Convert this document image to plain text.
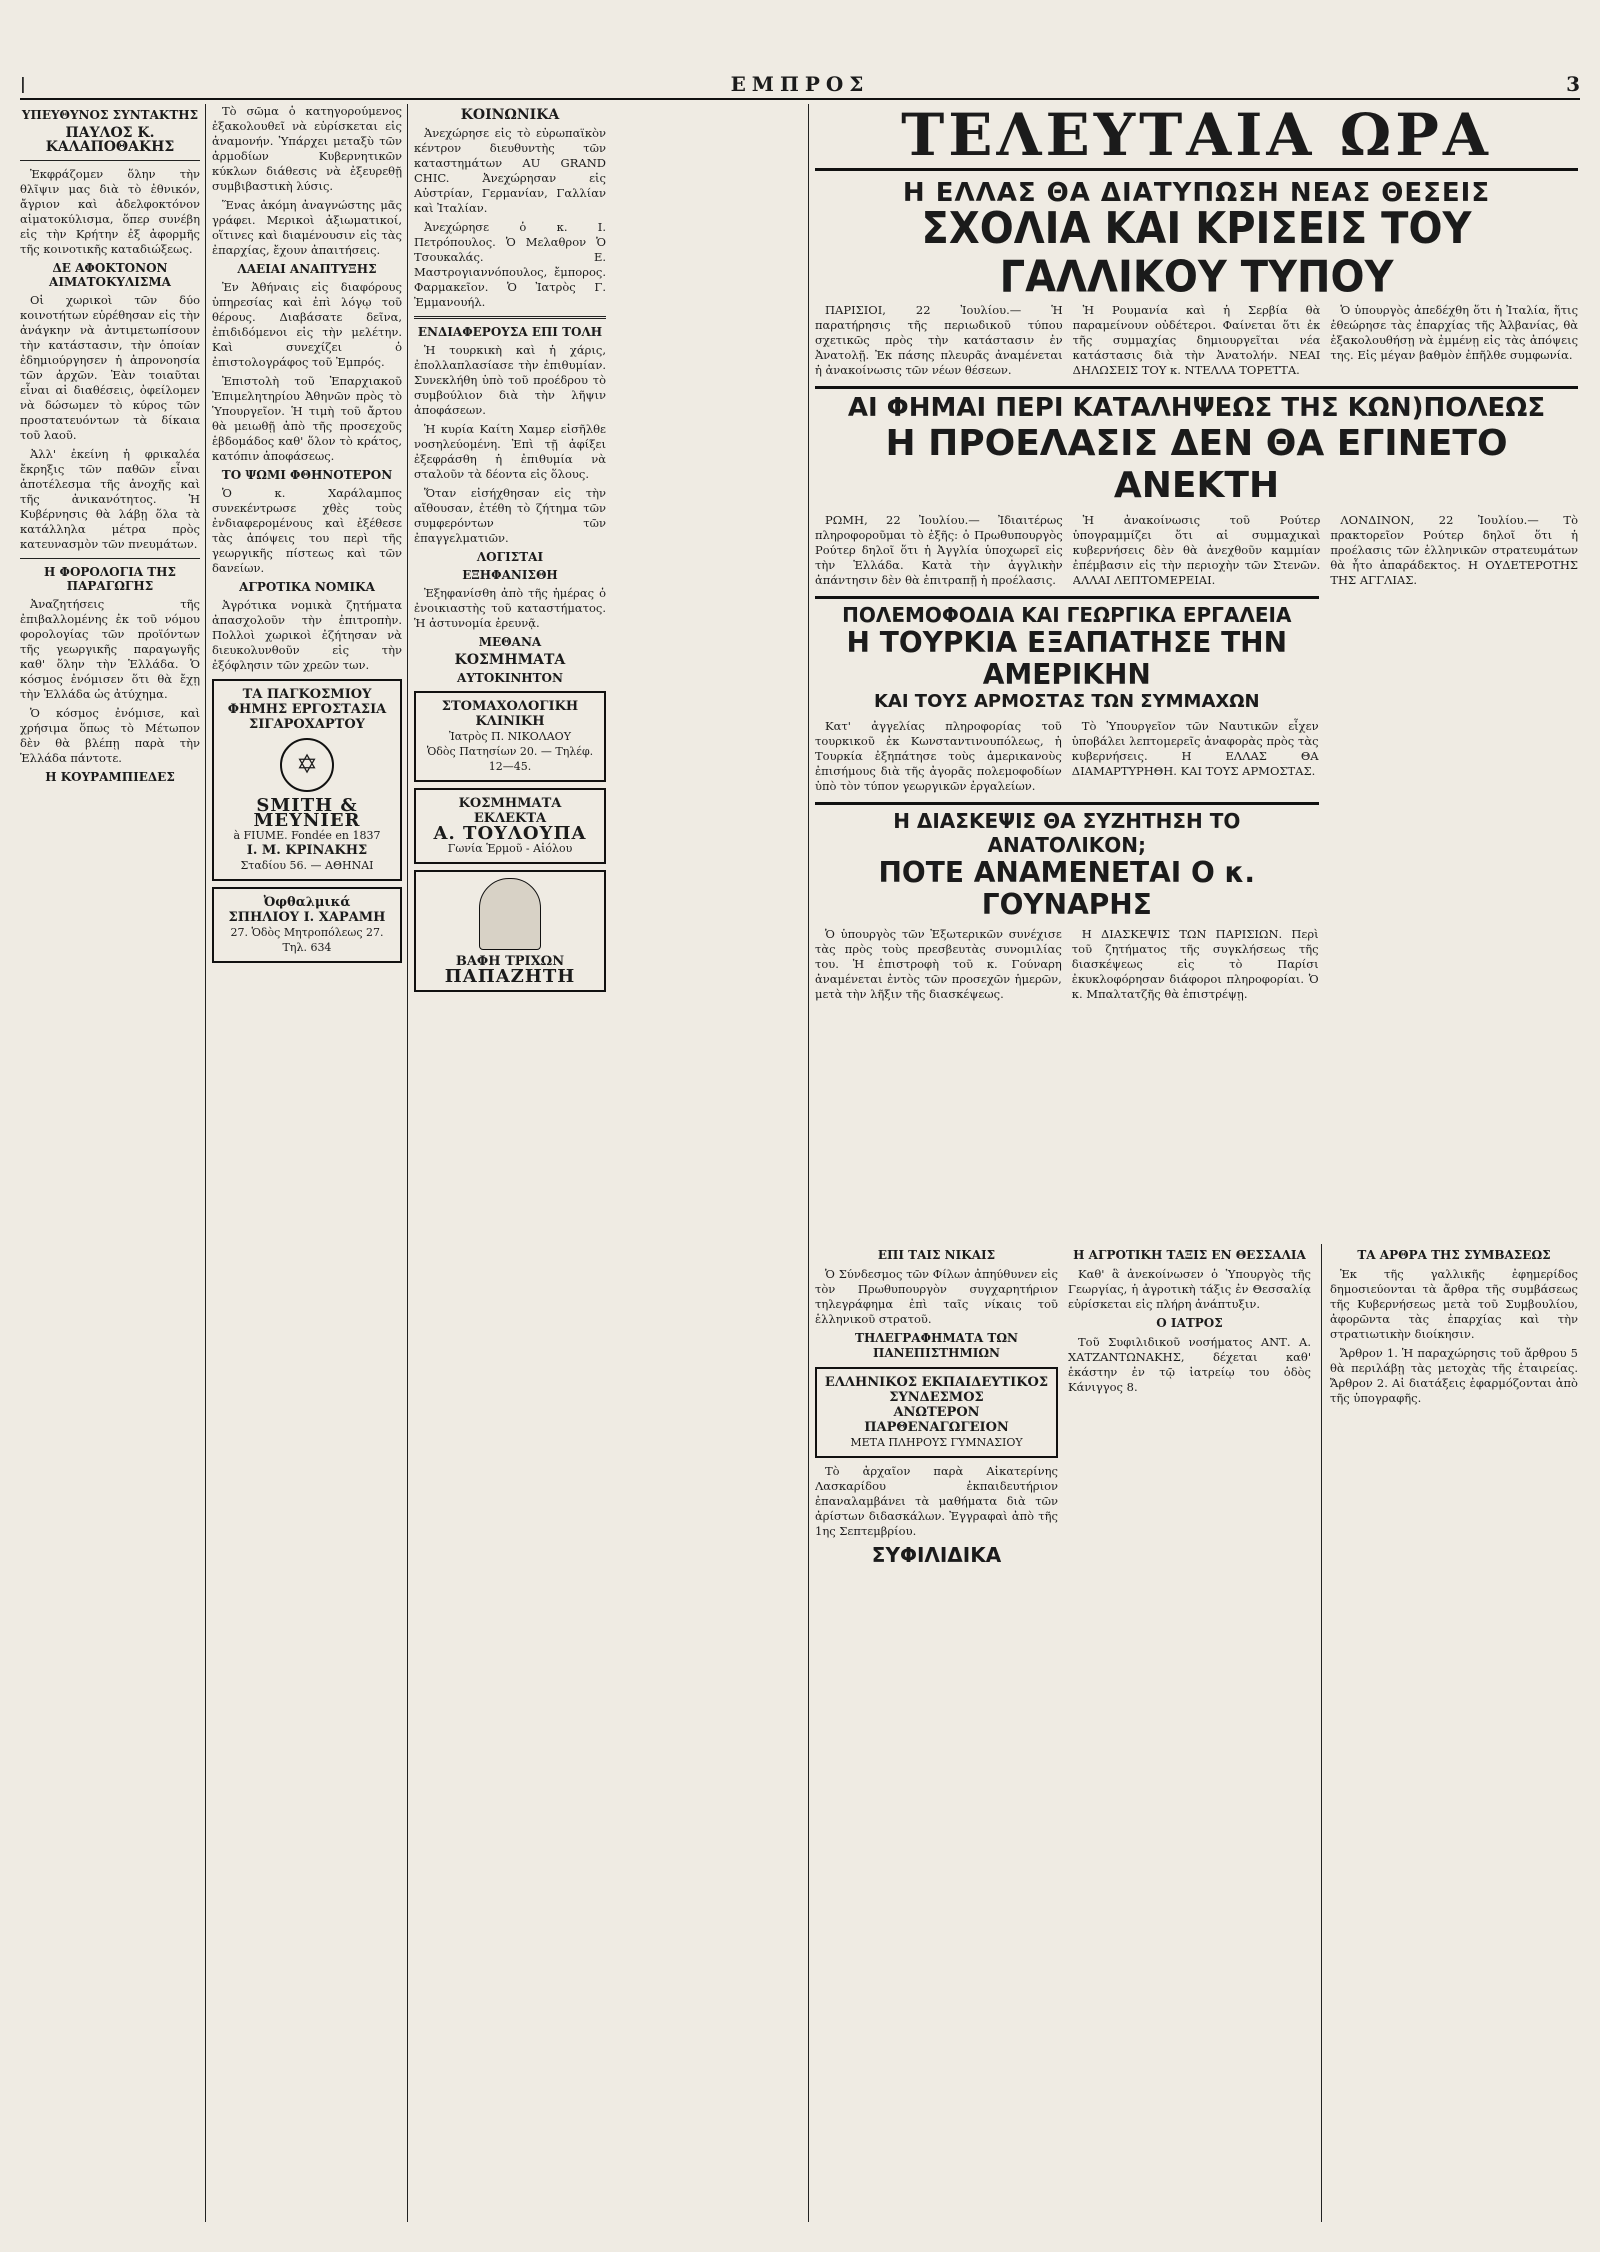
|	ΕΜΠΡΟΣ	3
ΥΠΕΥΘΥΝΟΣ ΣΥΝΤΑΚΤΗΣ
ΠΑΥΛΟΣ Κ. ΚΑΛΑΠΟΘΑΚΗΣ

Ἐκφράζομεν ὅλην τὴν θλῖψιν μας διὰ τὸ ἐθνικόν, ἄγριον καὶ ἀδελφοκτόνον αἱματοκύλισμα, ὅπερ συνέβη εἰς τὴν Κρήτην ἐξ ἀφορμῆς τῆς κοινοτικῆς καταδιώξεως.

ΔΕ ΑΦΟΚΤΟΝΟΝ ΑΙΜΑΤΟΚΥΛΙΣΜΑ

Οἱ χωρικοὶ τῶν δύο κοινοτήτων εὑρέθησαν εἰς τὴν ἀνάγκην νὰ ἀντιμετωπίσουν τὴν κατάστασιν, τὴν ὁποίαν ἐδημιούργησεν ἡ ἀπρονοησία τῶν ἀρχῶν. Ἐὰν τοιαῦται εἶναι αἱ διαθέσεις, ὀφείλομεν νὰ δώσωμεν τὸ κύρος τῶν προστατευόντων τὰ δίκαια τοῦ λαοῦ.

Ἀλλ' ἐκείνη ἡ φρικαλέα ἔκρηξις τῶν παθῶν εἶναι ἀποτέλεσμα τῆς ἀνοχῆς καὶ τῆς ἀνικανότητος. Ἡ Κυβέρνησις θὰ λάβῃ ὅλα τὰ κατάλληλα μέτρα πρὸς κατευνασμὸν τῶν πνευμάτων.

Η ΦΟΡΟΛΟΓΙΑ ΤΗΣ ΠΑΡΑΓΩΓΗΣ

Ἀναζητήσεις τῆς ἐπιβαλλομένης ἐκ τοῦ νόμου φορολογίας τῶν προϊόντων τῆς γεωργικῆς παραγωγῆς καθ' ὅλην τὴν Ἑλλάδα. Ὁ κόσμος ἐνόμισεν ὅτι θὰ ἔχῃ τὴν Ἑλλάδα ὡς ἀτύχημα.

Ὁ κόσμος ἐνόμισε, καὶ χρήσιμα ὅπως τὸ Μέτωπον δὲν θὰ βλέπῃ παρὰ τὴν Ἑλλάδα πάντοτε.

Η ΚΟΥΡΑΜΠΙΕΔΕΣ

Τὸ σῶμα ὁ κατηγορούμενος ἐξακολουθεῖ νὰ εὑρίσκεται εἰς ἀναμονήν. Ὑπάρχει μεταξὺ τῶν ἀρμοδίων Κυβερνητικῶν κύκλων διάθεσις νὰ ἐξευρεθῇ συμβιβαστικὴ λύσις.

Ἕνας ἀκόμη ἀναγνώστης μᾶς γράφει. Μερικοὶ ἀξιωματικοί, οἵτινες καὶ διαμένουσιν εἰς τὰς ἐπαρχίας, ἔχουν ἀπαιτήσεις.

ΛΑΕΙΑΙ ΑΝΑΠΤΥΞΗΣ

Ἐν Ἀθήναις εἰς διαφόρους ὑπηρεσίας καὶ ἐπὶ λόγῳ τοῦ θέρους. Διαβάσατε δεῖνα, ἐπιδιδόμενοι εἰς τὴν μελέτην. Καὶ συνεχίζει ὁ ἐπιστολογράφος τοῦ Ἐμπρός.

Ἐπιστολὴ τοῦ Ἐπαρχιακοῦ Ἐπιμελητηρίου Ἀθηνῶν πρὸς τὸ Ὑπουργεῖον. Ἡ τιμὴ τοῦ ἄρτου θὰ μειωθῇ ἀπὸ τῆς προσεχοῦς ἑβδομάδος καθ' ὅλον τὸ κράτος, κατόπιν ἀποφάσεως.

ΤΟ ΨΩΜΙ ΦΘΗΝΟΤΕΡΟΝ

Ὁ κ. Χαράλαμπος συνεκέντρωσε χθὲς τοὺς ἐνδιαφερομένους καὶ ἐξέθεσε τὰς ἀπόψεις του περὶ τῆς γεωργικῆς πίστεως καὶ τῶν δανείων.

ΑΓΡΟΤΙΚΑ ΝΟΜΙΚΑ

Ἀγρότικα νομικὰ ζητήματα ἀπασχολοῦν τὴν ἐπιτροπὴν. Πολλοὶ χωρικοὶ ἐζήτησαν νὰ διευκολυνθοῦν εἰς τὴν ἐξόφλησιν τῶν χρεῶν των.

ΤΑ ΠΑΓΚΟΣΜΙΟΥ ΦΗΜΗΣ ΕΡΓΟΣΤΑΣΙΑ ΣΙΓΑΡΟΧΑΡΤΟΥ
✡
SMITH & MEYNIER
à FIUME. Fondée en 1837
Ι. Μ. ΚΡΙΝΑΚΗΣ
Σταδίου 56. — ΑΘΗΝΑΙ
Ὀφθαλμικά
ΣΠΗΛΙΟΥ Ι. ΧΑΡΑΜΗ
27. Ὁδὸς Μητροπόλεως 27. Τηλ. 634
ΚΟΙΝΩΝΙΚΑ

Ἀνεχώρησε εἰς τὸ εὐρωπαϊκὸν κέντρον διευθυντὴς τῶν καταστημάτων AU GRAND CHIC. Ἀνεχώρησαν εἰς Αὐστρίαν, Γερμανίαν, Γαλλίαν καὶ Ἰταλίαν.

Ἀνεχώρησε ὁ κ. Ι. Πετρόπουλος. Ὁ Μελαθρον Ὁ Τσουκαλάς. Ε. Μαστρογιαννόπουλος, ἔμπορος. Φαρμακεῖον. Ὁ Ἰατρὸς Γ. Ἐμμανουήλ.

ΕΝΔΙΑΦΕΡΟΥΣΑ ΕΠΙ ΤΟΛΗ

Ἡ τουρκικὴ καὶ ἡ χάρις, ἐπολλαπλασίασε τὴν ἐπιθυμίαν. Συνεκλήθη ὑπὸ τοῦ προέδρου τὸ συμβούλιον διὰ τὴν λῆψιν ἀποφάσεων.

Ἡ κυρία Καίτη Χαμερ εἰσῆλθε νοσηλεύομένη. Ἐπὶ τῇ ἀφίξει ἐξεφράσθη ἡ ἐπιθυμία νὰ σταλοῦν τὰ δέοντα εἰς ὅλους.

Ὅταν εἰσήχθησαν εἰς τὴν αἴθουσαν, ἐτέθη τὸ ζήτημα τῶν συμφερόντων τῶν ἐπαγγελματιῶν.

ΛΟΓΙΣΤΑΙ
ΕΞΗΦΑΝΙΣΘΗ

Ἐξηφανίσθη ἀπὸ τῆς ἡμέρας ὁ ἐνοικιαστὴς τοῦ καταστήματος. Ἡ ἀστυνομία ἐρευνᾷ.

ΜΕΘΑΝΑ
ΚΟΣΜΗΜΑΤΑ
ΑΥΤΟΚΙΝΗΤΟΝ
ΣΤΟΜΑΧΟΛΟΓΙΚΗ ΚΛΙΝΙΚΗ
Ἰατρὸς Π. ΝΙΚΟΛΑΟΥ
Ὁδὸς Πατησίων 20. — Τηλέφ. 12—45.
ΚΟΣΜΗΜΑΤΑ ΕΚΛΕΚΤΑ
Α. ΤΟΥΛΟΥΠΑ
Γωνία Ἑρμοῦ - Αἰόλου
ΒΑΦΗ ΤΡΙΧΩΝ
ΠΑΠΑΖΗΤΗ
ΤΕΛΕΥΤΑΙΑ ΩΡΑ
Η ΕΛΛΑΣ ΘΑ ΔΙΑΤΥΠΩΣΗ ΝΕΑΣ ΘΕΣΕΙΣ
ΣΧΟΛΙΑ ΚΑΙ ΚΡΙΣΕΙΣ ΤΟΥ ΓΑΛΛΙΚΟΥ ΤΥΠΟΥ

ΠΑΡΙΣΙΟΙ, 22 Ἰουλίου.— Ἡ παρατήρησις τῆς περιωδικοῦ τύπου σχετικῶς πρὸς τὴν κατάστασιν ἐν Ἀνατολῇ. Ἐκ πάσης πλευρᾶς ἀναμένεται ἡ ἀνακοίνωσις τῶν νέων θέσεων.

Ἡ Ρουμανία καὶ ἡ Σερβία θὰ παραμείνουν οὐδέτεροι. Φαίνεται ὅτι ἐκ τῆς συμμαχίας δημιουργεῖται νέα κατάστασις διὰ τὴν Ἀνατολήν. ΝΕΑΙ ΔΗΛΩΣΕΙΣ ΤΟΥ κ. ΝΤΕΛΛΑ ΤΟΡΕΤΤΑ.

Ὁ ὑπουργὸς ἀπεδέχθη ὅτι ἡ Ἰταλία, ἥτις ἐθεώρησε τὰς ἐπαρχίας τῆς Ἀλβανίας, θὰ ἐξακολουθήσῃ νὰ ἐμμένῃ εἰς τὰς ἀπόψεις της. Εἰς μέγαν βαθμὸν ἐπῆλθε συμφωνία.

ΑΙ ΦΗΜΑΙ ΠΕΡΙ ΚΑΤΑΛΗΨΕΩΣ ΤΗΣ ΚΩΝ)ΠΟΛΕΩΣ
Η ΠΡΟΕΛΑΣΙΣ ΔΕΝ ΘΑ ΕΓΙΝΕΤΟ ΑΝΕΚΤΗ

ΡΩΜΗ, 22 Ἰουλίου.— Ἰδιαιτέρως πληροφοροῦμαι τὸ ἐξῆς: ὁ Πρωθυπουργὸς Ρούτερ δηλοῖ ὅτι ἡ Ἀγγλία ὑποχωρεῖ εἰς τὴν Ἑλλάδα. Κατὰ τὴν ἀγγλικὴν ἀπάντησιν δὲν θὰ ἐπιτραπῇ ἡ προέλασις.

Ἡ ἀνακοίνωσις τοῦ Ρούτερ ὑπογραμμίζει ὅτι αἱ συμμαχικαὶ κυβερνήσεις δὲν θὰ ἀνεχθοῦν καμμίαν ἐπέμβασιν εἰς τὴν περιοχὴν τῶν Στενῶν. ΑΛΛΑΙ ΛΕΠΤΟΜΕΡΕΙΑΙ.

ΛΟΝΔΙΝΟΝ, 22 Ἰουλίου.— Τὸ πρακτορεῖον Ρούτερ δηλοῖ ὅτι ἡ προέλασις τῶν ἑλληνικῶν στρατευμάτων θὰ ἦτο ἀπαράδεκτος. Η ΟΥΔΕΤΕΡΟΤΗΣ ΤΗΣ ΑΓΓΛΙΑΣ.

ΠΟΛΕΜΟΦΟΔΙΑ ΚΑΙ ΓΕΩΡΓΙΚΑ ΕΡΓΑΛΕΙΑ
Η ΤΟΥΡΚΙΑ ΕΞΑΠΑΤΗΣΕ ΤΗΝ ΑΜΕΡΙΚΗΝ
ΚΑΙ ΤΟΥΣ ΑΡΜΟΣΤΑΣ ΤΩΝ ΣΥΜΜΑΧΩΝ

Κατ' ἀγγελίας πληροφορίας τοῦ τουρκικοῦ ἐκ Κωνσταντινουπόλεως, ἡ Τουρκία ἐξηπάτησε τοὺς ἀμερικανοὺς ἐπισήμους διὰ τῆς ἀγορᾶς πολεμοφοδίων ὑπὸ τὸν τύπον γεωργικῶν ἐργαλείων.

Τὸ Ὑπουργεῖον τῶν Ναυτικῶν εἶχεν ὑποβάλει λεπτομερεῖς ἀναφορὰς πρὸς τὰς κυβερνήσεις. Η ΕΛΛΑΣ ΘΑ ΔΙΑΜΑΡΤΥΡΗΘΗ. ΚΑΙ ΤΟΥΣ ΑΡΜΟΣΤΑΣ.

Η ΔΙΑΣΚΕΨΙΣ ΘΑ ΣΥΖΗΤΗΣΗ ΤΟ ΑΝΑΤΟΛΙΚΟΝ;
ΠΟΤΕ ΑΝΑΜΕΝΕΤΑΙ Ο κ. ΓΟΥΝΑΡΗΣ

Ὁ ὑπουργὸς τῶν Ἐξωτερικῶν συνέχισε τὰς πρὸς τοὺς πρεσβευτὰς συνομιλίας του. Ἡ ἐπιστροφὴ τοῦ κ. Γούναρη ἀναμένεται ἐντὸς τῶν προσεχῶν ἡμερῶν, μετὰ τὴν λῆξιν τῆς διασκέψεως.

Η ΔΙΑΣΚΕΨΙΣ ΤΩΝ ΠΑΡΙΣΙΩΝ. Περὶ τοῦ ζητήματος τῆς συγκλήσεως τῆς διασκέψεως εἰς τὸ Παρίσι ἐκυκλοφόρησαν διάφοροι πληροφορίαι. Ὁ κ. Μπαλτατζῆς θὰ ἐπιστρέψῃ.

ΕΠΙ ΤΑΙΣ ΝΙΚΑΙΣ

Ὁ Σύνδεσμος τῶν Φίλων ἀπηύθυνεν εἰς τὸν Πρωθυπουργὸν συγχαρητήριον τηλεγράφημα ἐπὶ ταῖς νίκαις τοῦ ἑλληνικοῦ στρατοῦ.

ΤΗΛΕΓΡΑΦΗΜΑΤΑ ΤΩΝ ΠΑΝΕΠΙΣΤΗΜΙΩΝ
ΕΛΛΗΝΙΚΟΣ ΕΚΠΑΙΔΕΥΤΙΚΟΣ ΣΥΝΔΕΣΜΟΣ
ΑΝΩΤΕΡΟΝ ΠΑΡΘΕΝΑΓΩΓΕΙΟΝ
ΜΕΤΑ ΠΛΗΡΟΥΣ ΓΥΜΝΑΣΙΟΥ

Τὸ ἀρχαῖον παρὰ Αἰκατερίνης Λασκαρίδου ἐκπαιδευτήριον ἐπαναλαμβάνει τὰ μαθήματα διὰ τῶν ἀρίστων διδασκάλων. Ἐγγραφαὶ ἀπὸ τῆς 1ης Σεπτεμβρίου.

ΣΥΦΙΛΙΔΙΚΑ
Η ΑΓΡΟΤΙΚΗ ΤΑΞΙΣ ΕΝ ΘΕΣΣΑΛΙΑ

Καθ' ἃ ἀνεκοίνωσεν ὁ Ὑπουργὸς τῆς Γεωργίας, ἡ ἀγροτικὴ τάξις ἐν Θεσσαλίᾳ εὑρίσκεται εἰς πλήρη ἀνάπτυξιν.

Ο ΙΑΤΡΟΣ

Τοῦ Συφιλιδικοῦ νοσήματος ΑΝΤ. Α. ΧΑΤΖΑΝΤΩΝΑΚΗΣ, δέχεται καθ' ἑκάστην ἐν τῷ ἰατρείῳ του ὁδὸς Κάνιγγος 8.

ΤΑ ΑΡΘΡΑ ΤΗΣ ΣΥΜΒΑΣΕΩΣ

Ἐκ τῆς γαλλικῆς ἐφημερίδος δημοσιεύονται τὰ ἄρθρα τῆς συμβάσεως τῆς Κυβερνήσεως μετὰ τοῦ Συμβουλίου, ἀφορῶντα τὰς ἐπαρχίας καὶ τὴν στρατιωτικὴν διοίκησιν.

Ἄρθρον 1. Ἡ παραχώρησις τοῦ ἄρθρου 5 θὰ περιλάβῃ τὰς μετοχὰς τῆς ἑταιρείας. Ἄρθρον 2. Αἱ διατάξεις ἐφαρμόζονται ἀπὸ τῆς ὑπογραφῆς.
